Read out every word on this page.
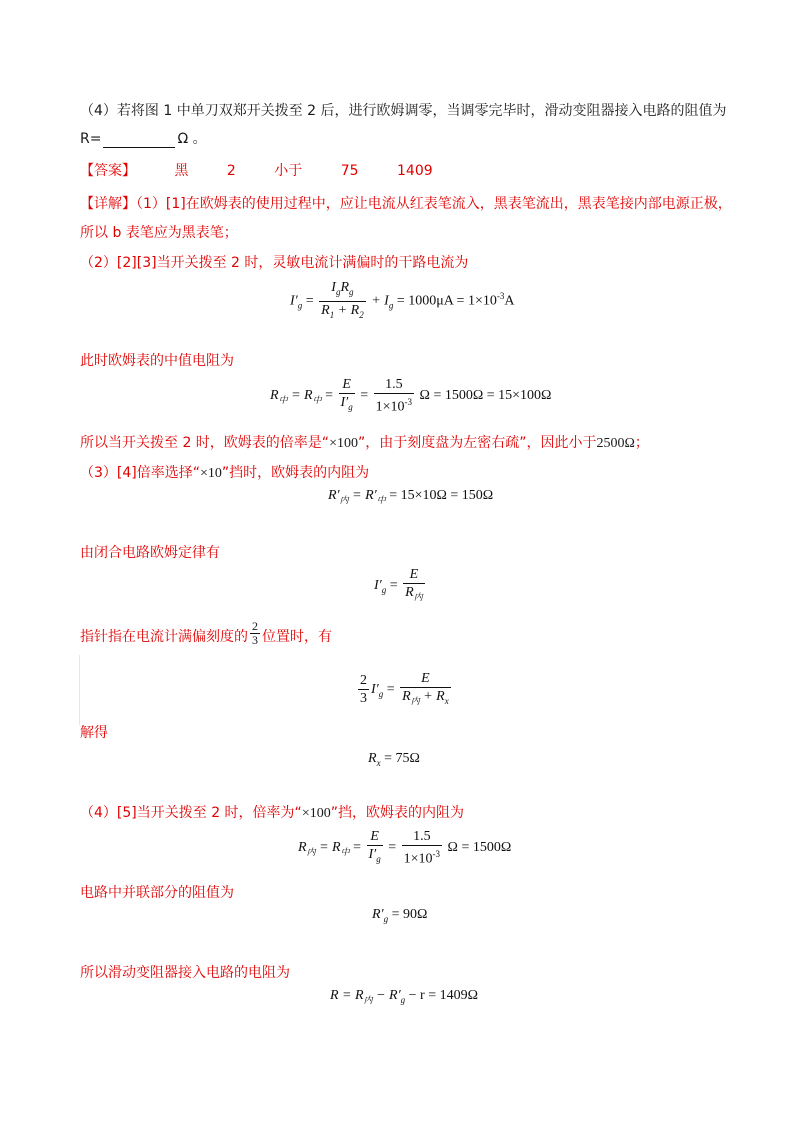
（4）若将图 1 中单刀双郑开关拨至 2 后，进行欧姆调零，当调零完毕时，滑动变阻器接入电路的阻值为
R=	Ω 。
【答案】	黑	2	小于	75	1409
【详解】（1）[1]在欧姆表的使用过程中，应让电流从红表笔流入，黑表笔流出，黑表笔接内部电源正极，
所以 b 表笔应为黑表笔；
（2）[2][3]当开关拨至 2 时，灵敏电流计满偏时的干路电流为
$I'_g = \frac{I_gR_g}{R_1 + R_2} + I_g = 1000\mu A = 1\times 10^{-3}A$
此时欧姆表的中值电阻为
$R_中 = R_中 = \frac{E}{I'_g} = \frac{1.5}{1\times 10^{-3}}$ Ω = 1500Ω = 15×100Ω
所以当开关拨至 2 时，欧姆表的倍率是“×100”，由于刻度盘为左密右疏”，因此小于2500Ω；
（3）[4]倍率选择“×10”挡时，欧姆表的内阻为
$R'_内 = R'_中 = 15\times 10\Omega = 150\Omega$
由闭合电路欧姆定律有
$I'_g = \frac{E}{R_内}$
指针指在电流计满偏刻度的 $\frac{2}{3}$ 位置时，有
$\frac{2}{3} I'_g = \frac{E}{R_内 + R_x}$
解得
$R_x = 75\Omega$
（4）[5]当开关拨至 2 时，倍率为“×100”挡，欧姆表的内阻为
$R_内 = R_中 = \frac{E}{I'_g} = \frac{1.5}{1\times 10^{-3}}$ Ω = 1500Ω
电路中并联部分的阻值为
$R'_g = 90\Omega$
所以滑动变阻器接入电路的电阻为
$R = R_内 - R'_g - r = 1409\Omega$
